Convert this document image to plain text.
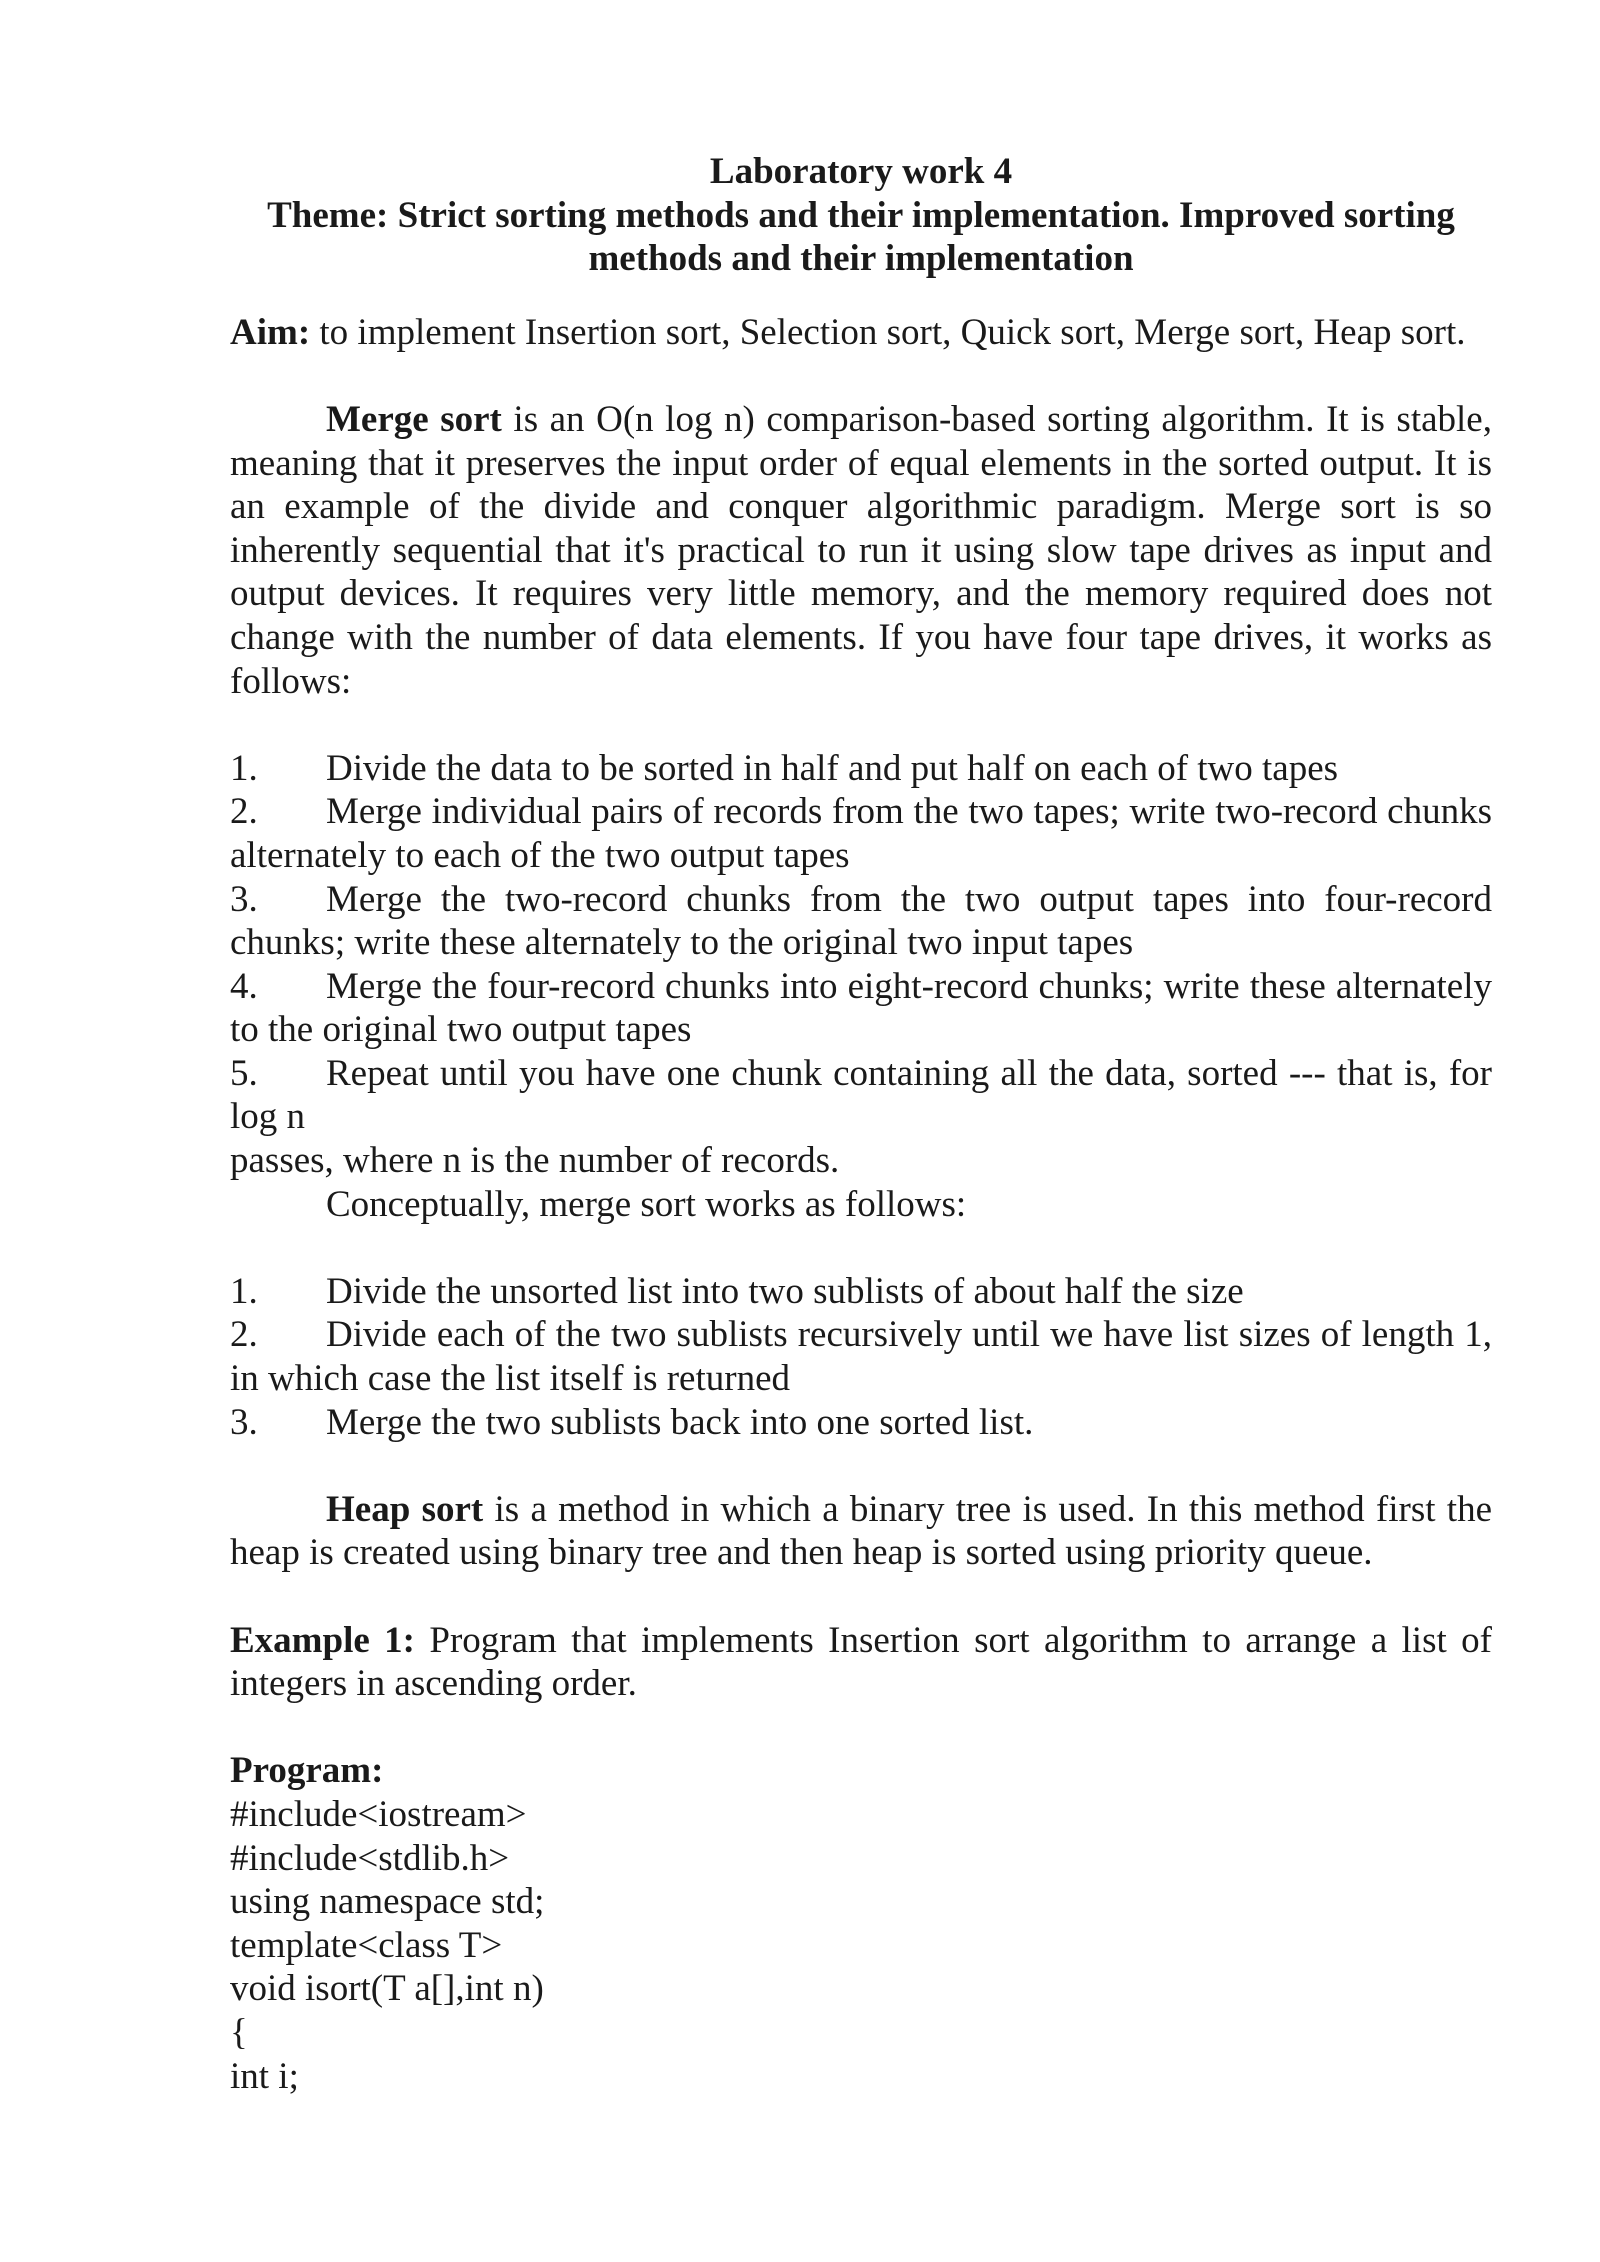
Laboratory work 4
Theme: Strict sorting methods and their implementation. Improved sorting
methods and their implementation

Aim: to implement Insertion sort, Selection sort, Quick sort, Merge sort, Heap sort.

Merge sort is an O(n log n) comparison-based sorting algorithm. It is stable, meaning that it preserves the input order of equal elements in the sorted output. It is an example of the divide and conquer algorithmic paradigm. Merge sort is so inherently sequential that it's practical to run it using slow tape drives as input and output devices. It requires very little memory, and the memory required does not change with the number of data elements. If you have four tape drives, it works as follows:

1. Divide the data to be sorted in half and put half on each of two tapes

2. Merge individual pairs of records from the two tapes; write two-record chunks alternately to each of the two output tapes

3. Merge the two-record chunks from the two output tapes into four-record chunks; write these alternately to the original two input tapes

4. Merge the four-record chunks into eight-record chunks; write these alternately to the original two output tapes

5. Repeat until you have one chunk containing all the data, sorted --- that is, for log n

passes, where n is the number of records.

Conceptually, merge sort works as follows:

1. Divide the unsorted list into two sublists of about half the size

2. Divide each of the two sublists recursively until we have list sizes of length 1, in which case the list itself is returned

3. Merge the two sublists back into one sorted list.

Heap sort is a method in which a binary tree is used. In this method first the heap is created using binary tree and then heap is sorted using priority queue.

Example 1: Program that implements Insertion sort algorithm to arrange a list of integers in ascending order.

Program:
#include<iostream>
#include<stdlib.h>
using namespace std;
template<class T>
void isort(T a[],int n)
{
int i;
